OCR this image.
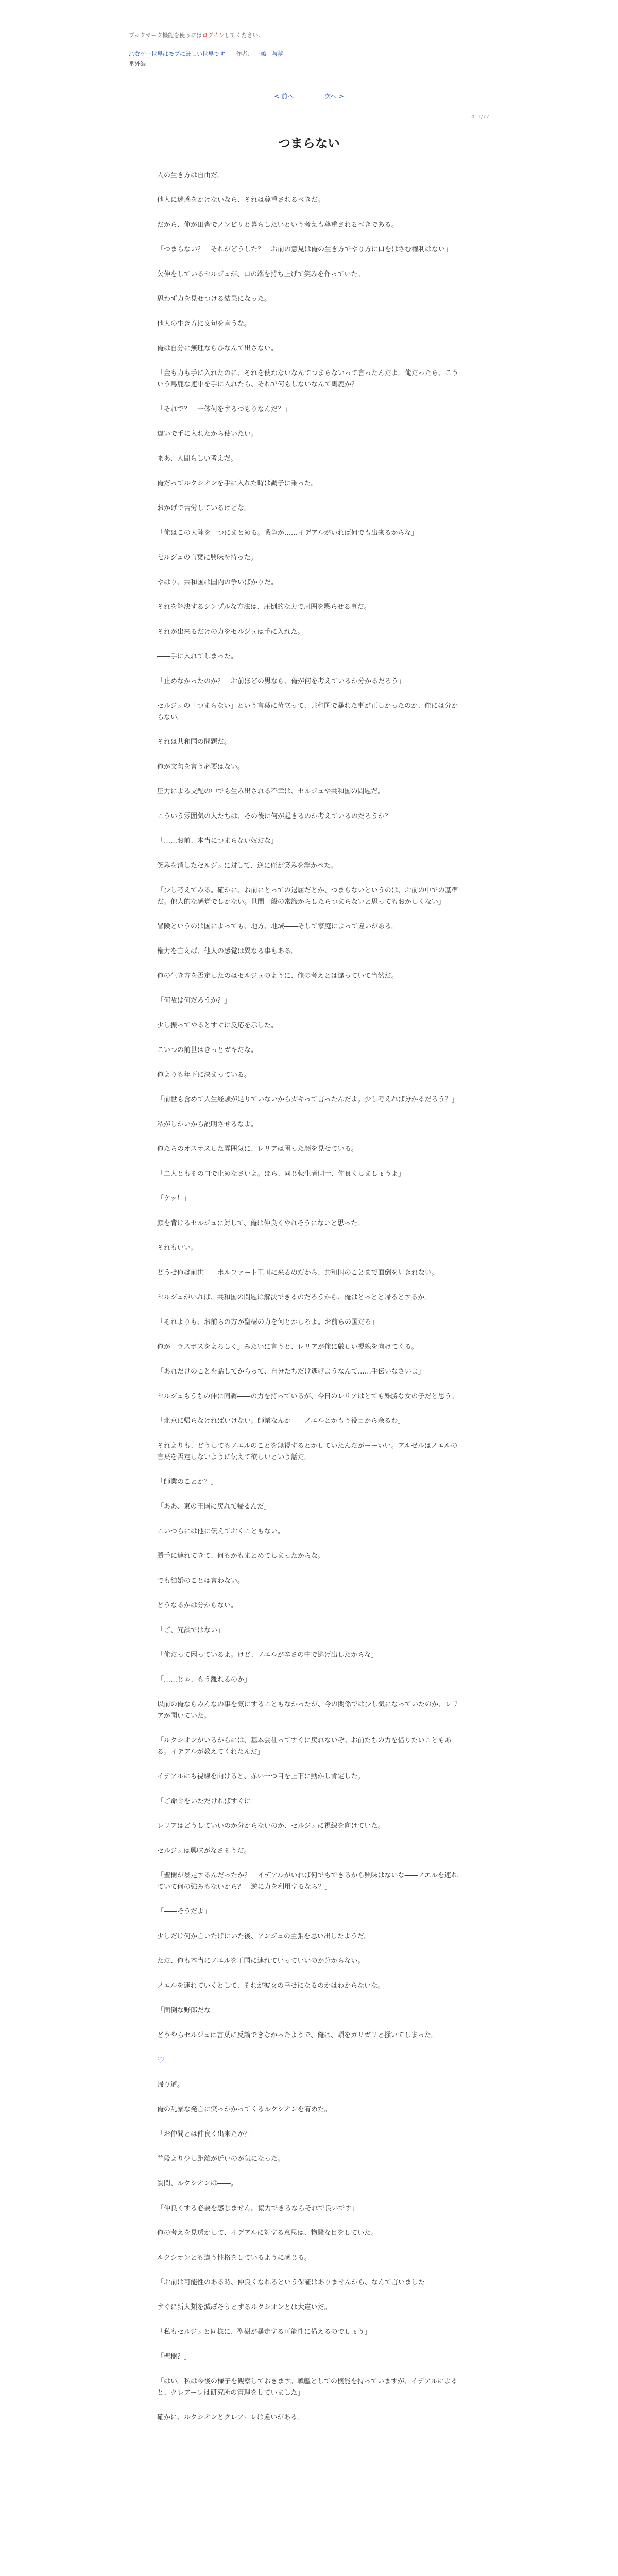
ブックマーク機能を使うにはログインしてください。
乙女ゲー世界はモブに厳しい世界です 作者： 三嶋　与夢
番外編
< 前へ	次へ >
411/77
つまらない

人の生き方は自由だ。

他人に迷惑をかけないなら、それは尊重されるべきだ。

だから、俺が田舎でノンビリと暮らしたいという考えも尊重されるべきである。

「つまらない？　それがどうした？　お前の意見は俺の生き方でやり方に口をはさむ権利はない」

欠伸をしているセルジュが、口の端を持ち上げて笑みを作っていた。

思わず力を見せつける結果になった。

他人の生き方に文句を言うな。

俺は自分に無理ならひなんて出さない。

「金も力も手に入れたのに、それを使わないなんてつまらないって言ったんだよ。俺だったら、こういう馬鹿な連中を手に入れたら、それで何もしないなんて馬鹿か？」

「それで？　一体何をするつもりなんだ？」

違いで手に入れたから使いたい。

まあ、人間らしい考えだ。

俺だってルクシオンを手に入れた時は調子に乗った。

おかげで苦労しているけどな。

「俺はこの大陸を一つにまとめる。戦争が……イデアルがいれば何でも出来るからな」

セルジュの言葉に興味を持った。

やはり、共和国は国内の争いばかりだ。

それを解決するシンプルな方法は、圧倒的な力で周囲を黙らせる事だ。

それが出来るだけの力をセルジュは手に入れた。

――手に入れてしまった。

「止めなかったのか？　お前ほどの男なら、俺が何を考えているか分かるだろう」

セルジュの「つまらない」という言葉に苛立って、共和国で暴れた事が正しかったのか、俺には分からない。

それは共和国の問題だ。

俺が文句を言う必要はない。

圧力による支配の中でも生み出される不幸は、セルジュや共和国の問題だ。

こういう雰囲気の人たちは、その後に何が起きるのか考えているのだろうか？

「……お前、本当につまらない奴だな」

笑みを消したセルジュに対して、逆に俺が笑みを浮かべた。

「少し考えてみる。確かに、お前にとっての退屈だとか、つまらないというのは、お前の中での基準だ。他人的な感覚でしかない。世間一般の常識からしたらつまらないと思ってもおかしくない」

冒険というのは国によっても、地方、地域――そして家庭によって違いがある。

権力を言えば、他人の感覚は異なる事もある。

俺の生き方を否定したのはセルジュのように、俺の考えとは違っていて当然だ。

「何故は何だろうか？」

少し振ってやるとすぐに反応を示した。

こいつの前世はきっとガキだな。

俺よりも年下に決まっている。

「前世も含めて人生経験が足りていないからガキって言ったんだよ。少し考えれば分かるだろう？」

私がしかいから説明させるなよ。

俺たちのオスオスした雰囲気に、レリアは困った顔を見せている。

「二人ともその口で止めなさいよ。ほら、同じ転生者同士、仲良くしましょうよ」

「ケッ！」

顔を背けるセルジュに対して、俺は仲良くやれそうにないと思った。

それもいい。

どうせ俺は前世――ホルファート王国に来るのだから、共和国のことまで面倒を見きれない。

セルジュがいれば、共和国の問題は解決できるのだろうから、俺はとっとと帰るとするか。

「それよりも、お前らの方が聖樹の力を何とかしろよ。お前らの国だろ」

俺が「ラスボスをよろしく」みたいに言うと、レリアが俺に厳しい視線を向けてくる。

「あれだけのことを話してからって、自分たちだけ逃げようなんて……手伝いなさいよ」

セルジュもうちの伸に同調――の力を持っているが、今日のレリアはとても殊勝な女の子だと思う。

「北京に帰らなければいけない。師業なんか――ノエルとかもう役目から余るわ」

それよりも、どうしてもノエルのことを無視するとかしていたんだがーーいい。アルゼルはノエルの言葉を否定しないように伝えて欲しいという話だ。

「師業のことか？」

「ああ、東の王国に戻れて帰るんだ」

こいつらには他に伝えておくこともない。

勝手に連れてきて、何もかもまとめてしまったからな。

でも結婚のことは言わない。

どうなるかは分からない。

「ご、冗談ではない」

「俺だって困っているよ。けど、ノエルが辛さの中で逃げ出したからな」

「……じゃ、もう離れるのか」

以前の俺ならみんなの事を気にすることもなかったが、今の関係では少し気になっていたのか、レリアが聞いていた。

「ルクシオンがいるからには、基本会社ってすぐに戻れないぞ。お前たちの力を借りたいこともある。イデアルが教えてくれたんだ」

イデアルにも視線を向けると、赤い一つ目を上下に動かし肯定した。

「ご命令をいただければすぐに」

レリアはどうしていいのか分からないのか、セルジュに視線を向けていた。

セルジュは興味がなさそうだ。

「聖樹が暴走するんだったか？　イデアルがいれば何でもできるから興味はないな――ノエルを連れていて何の強みもないから？　逆に力を利用するなら？」

「――そうだよ」

少しだけ何か言いたげにいた後、アンジュの主張を思い出したようだ。

ただ、俺も本当にノエルを王国に連れていっていいのか分からない。

ノエルを連れていくとして、それが彼女の幸せになるのかはわからないな。

「面倒な野郎だな」

どうやらセルジュは言葉に反論できなかったようで、俺は、頭をガリガリと掻いてしまった。

♡

帰り道。

俺の乱暴な発言に突っかかってくるルクシオンを宥めた。

「お仲間とは仲良く出来たか？」

普段より少し距離が近いのが気になった。

質問、ルクシオンは――。

「仲良くする必要を感じません。協力できるならそれで良いです」

俺の考えを見透かして、イデアルに対する意思は、物騒な目をしていた。

ルクシオンとも違う性格をしているように感じる。

「お前は可能性のある時、仲良くなれるという保証はありませんから、なんて言いました」

すぐに新人類を滅ぼそうとするルクシオンとは大違いだ。

「私もセルジュと同様に、聖樹が暴走する可能性に備えるのでしょう」

「聖樹？」

「はい。私は今後の様子を観察しておきます。戦艦としての機能を持っていますが、イデアルによると、クレアーレは研究所の管理をしていました」

確かに、ルクシオンとクレアーレは違いがある。
